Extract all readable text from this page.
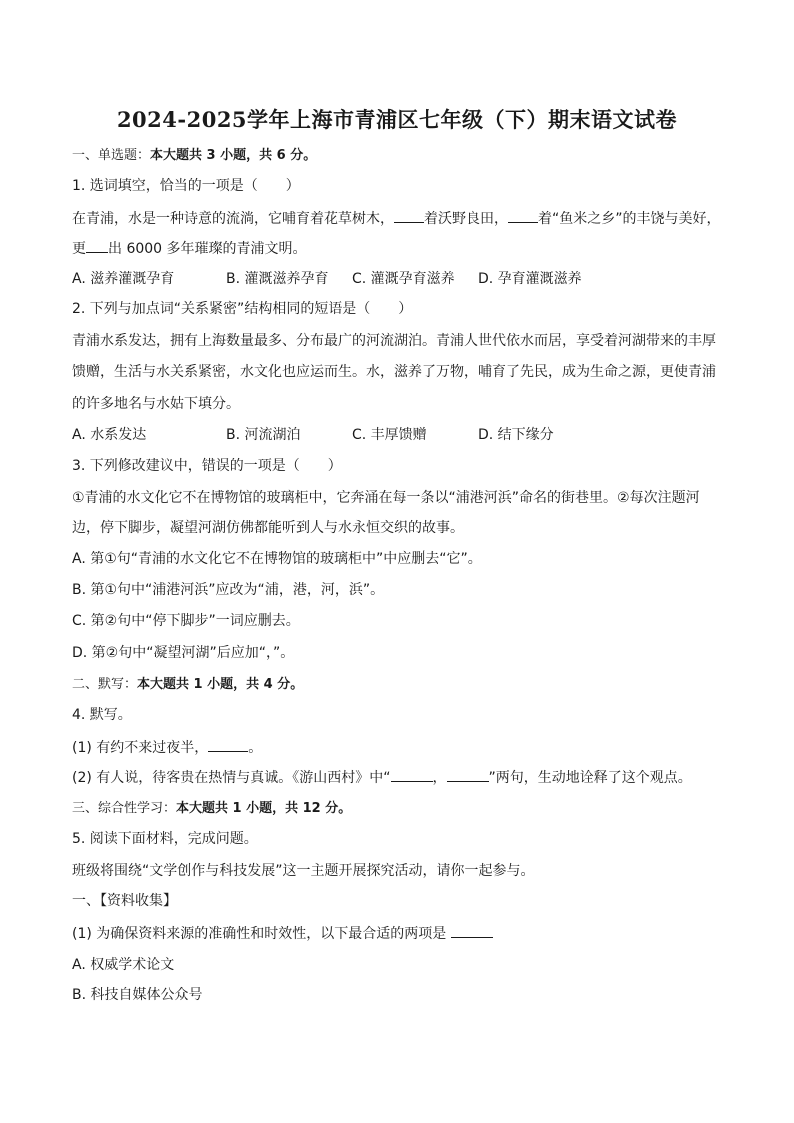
2024-2025学年上海市青浦区七年级（下）期末语文试卷
一、单选题：本大题共 3 小题，共 6 分。
1. 选词填空，恰当的一项是（　　）
在青浦，水是一种诗意的流淌，它哺育着花草树木， 着沃野良田， 着“鱼米之乡”的丰饶与美好，
更 出 6000 多年璀璨的青浦文明。
A. 滋养灌溉孕育	B. 灌溉滋养孕育 C. 灌溉孕育滋养 D. 孕育灌溉滋养
2. 下列与加点词“关系紧密”结构相同的短语是（　　）
青浦水系发达，拥有上海数量最多、分布最广的河流湖泊。青浦人世代依水而居，享受着河湖带来的丰厚
馈赠，生活与水关系紧密，水文化也应运而生。水，滋养了万物，哺育了先民，成为生命之源，更使青浦
的许多地名与水姑下填分。
A. 水系发达	B. 河流湖泊	C. 丰厚馈赠	D. 结下缘分
3. 下列修改建议中，错误的一项是（　　）
①青浦的水文化它不在博物馆的玻璃柜中，它奔涌在每一条以“浦港河浜”命名的街巷里。②每次注题河
边，停下脚步，凝望河湖仿佛都能听到人与水永恒交织的故事。
A. 第①句“青浦的水文化它不在博物馆的玻璃柜中”中应删去“它”。
B. 第①句中“浦港河浜”应改为“浦，港，河，浜”。
C. 第②句中“停下脚步”一词应删去。
D. 第②句中“凝望河湖”后应加“，”。
二、默写：本大题共 1 小题，共 4 分。
4. 默写。
(1) 有约不来过夜半，	。
(2) 有人说，待客贵在热情与真诚。《游山西村》中“	，	”两句，生动地诠释了这个观点。
三、综合性学习：本大题共 1 小题，共 12 分。
5. 阅读下面材料，完成问题。
班级将围绕“文学创作与科技发展”这一主题开展探究活动，请你一起参与。
一、【资料收集】
(1) 为确保资料来源的准确性和时效性，以下最合适的两项是
A. 权威学术论文
B. 科技自媒体公众号
